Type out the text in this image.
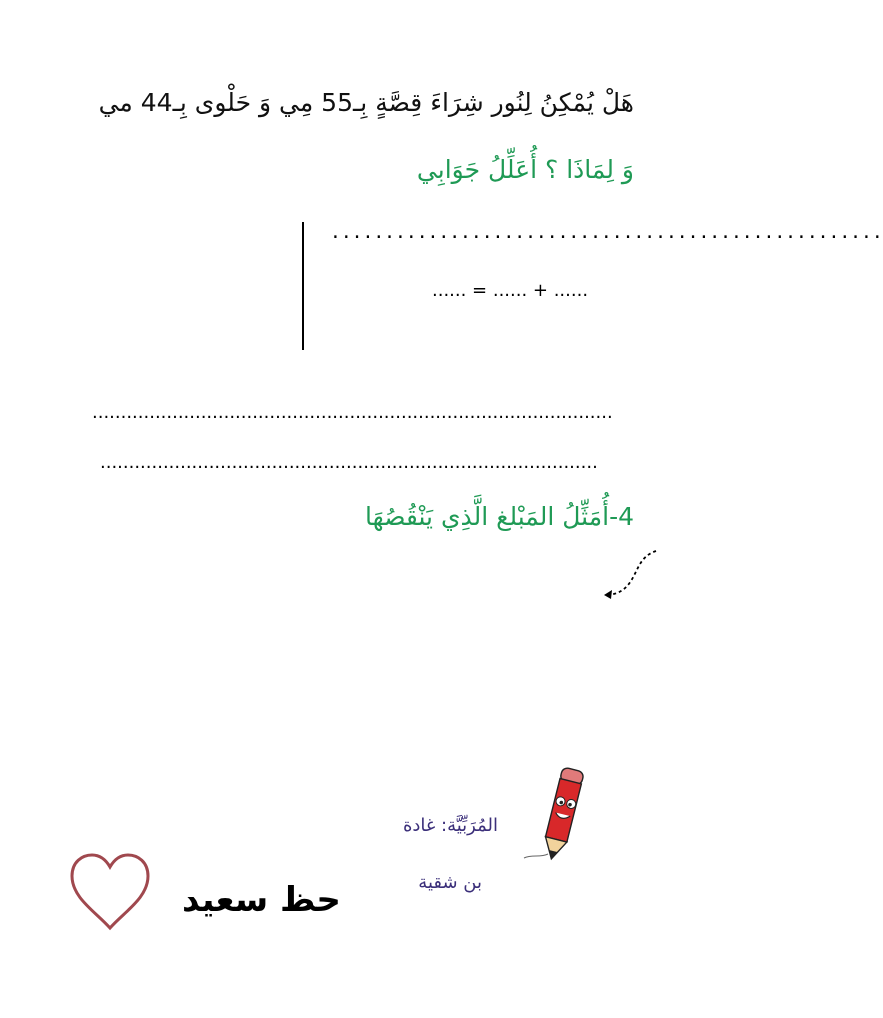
هَلْ يُمْكِنُ لِنُور شِرَاءَ قِصَّةٍ بِـ55 مِي وَ حَلْوى بِـ44 مي
وَ لِمَاذَا ؟ أُعَلِّلُ جَوَابِي
...................................................
...... = ...... + ......
...........................................................................................
.......................................................................................
4-أُمَثِّلُ المَبْلغ الَّذِي يَنْقُصُهَا
المُرَبِّيَّة: غادة
بن شقية
حظ سعيد
